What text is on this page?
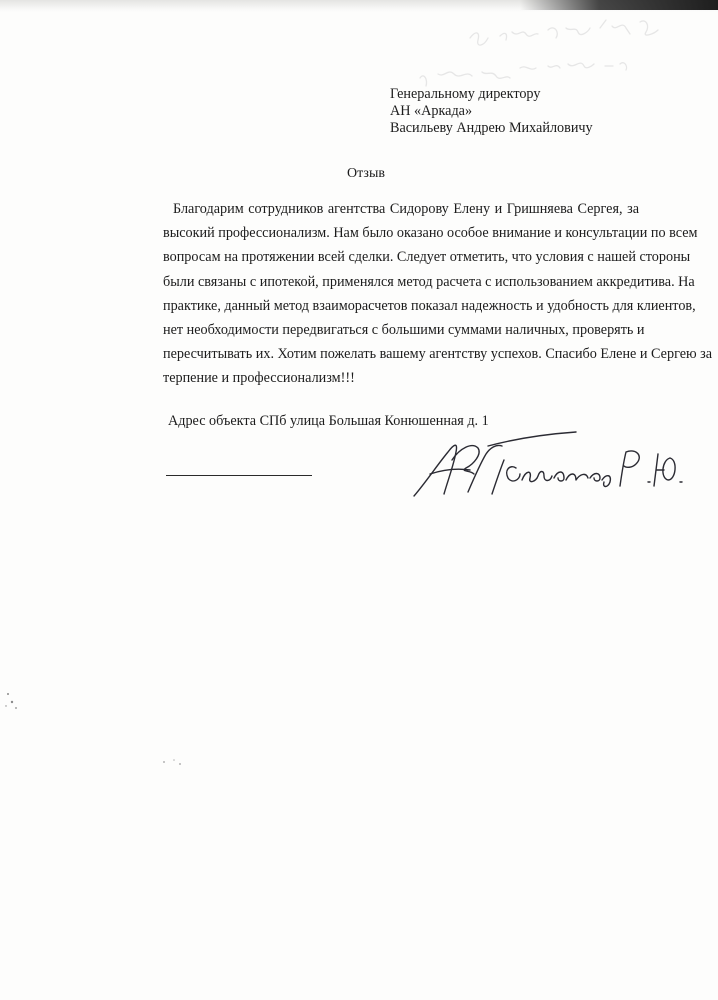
Генеральному директору
АН «Аркада»
Васильеву Андрею Михайловичу
Отзыв
Благодарим сотрудников агентства Сидорову Елену и Гришняева Сергея, за
высокий профессионализм. Нам было оказано особое внимание и консультации по всем
вопросам на протяжении всей сделки. Следует отметить, что условия с нашей стороны
были связаны с ипотекой, применялся метод расчета с использованием аккредитива. На
практике, данный метод взаиморасчетов показал надежность и удобность для клиентов,
нет необходимости передвигаться с большими суммами наличных, проверять и
пересчитывать их. Хотим пожелать вашему агентству успехов. Спасибо Елене и Сергею за
терпение и профессионализм!!!
Адрес объекта СПб улица Большая Конюшенная д. 1
